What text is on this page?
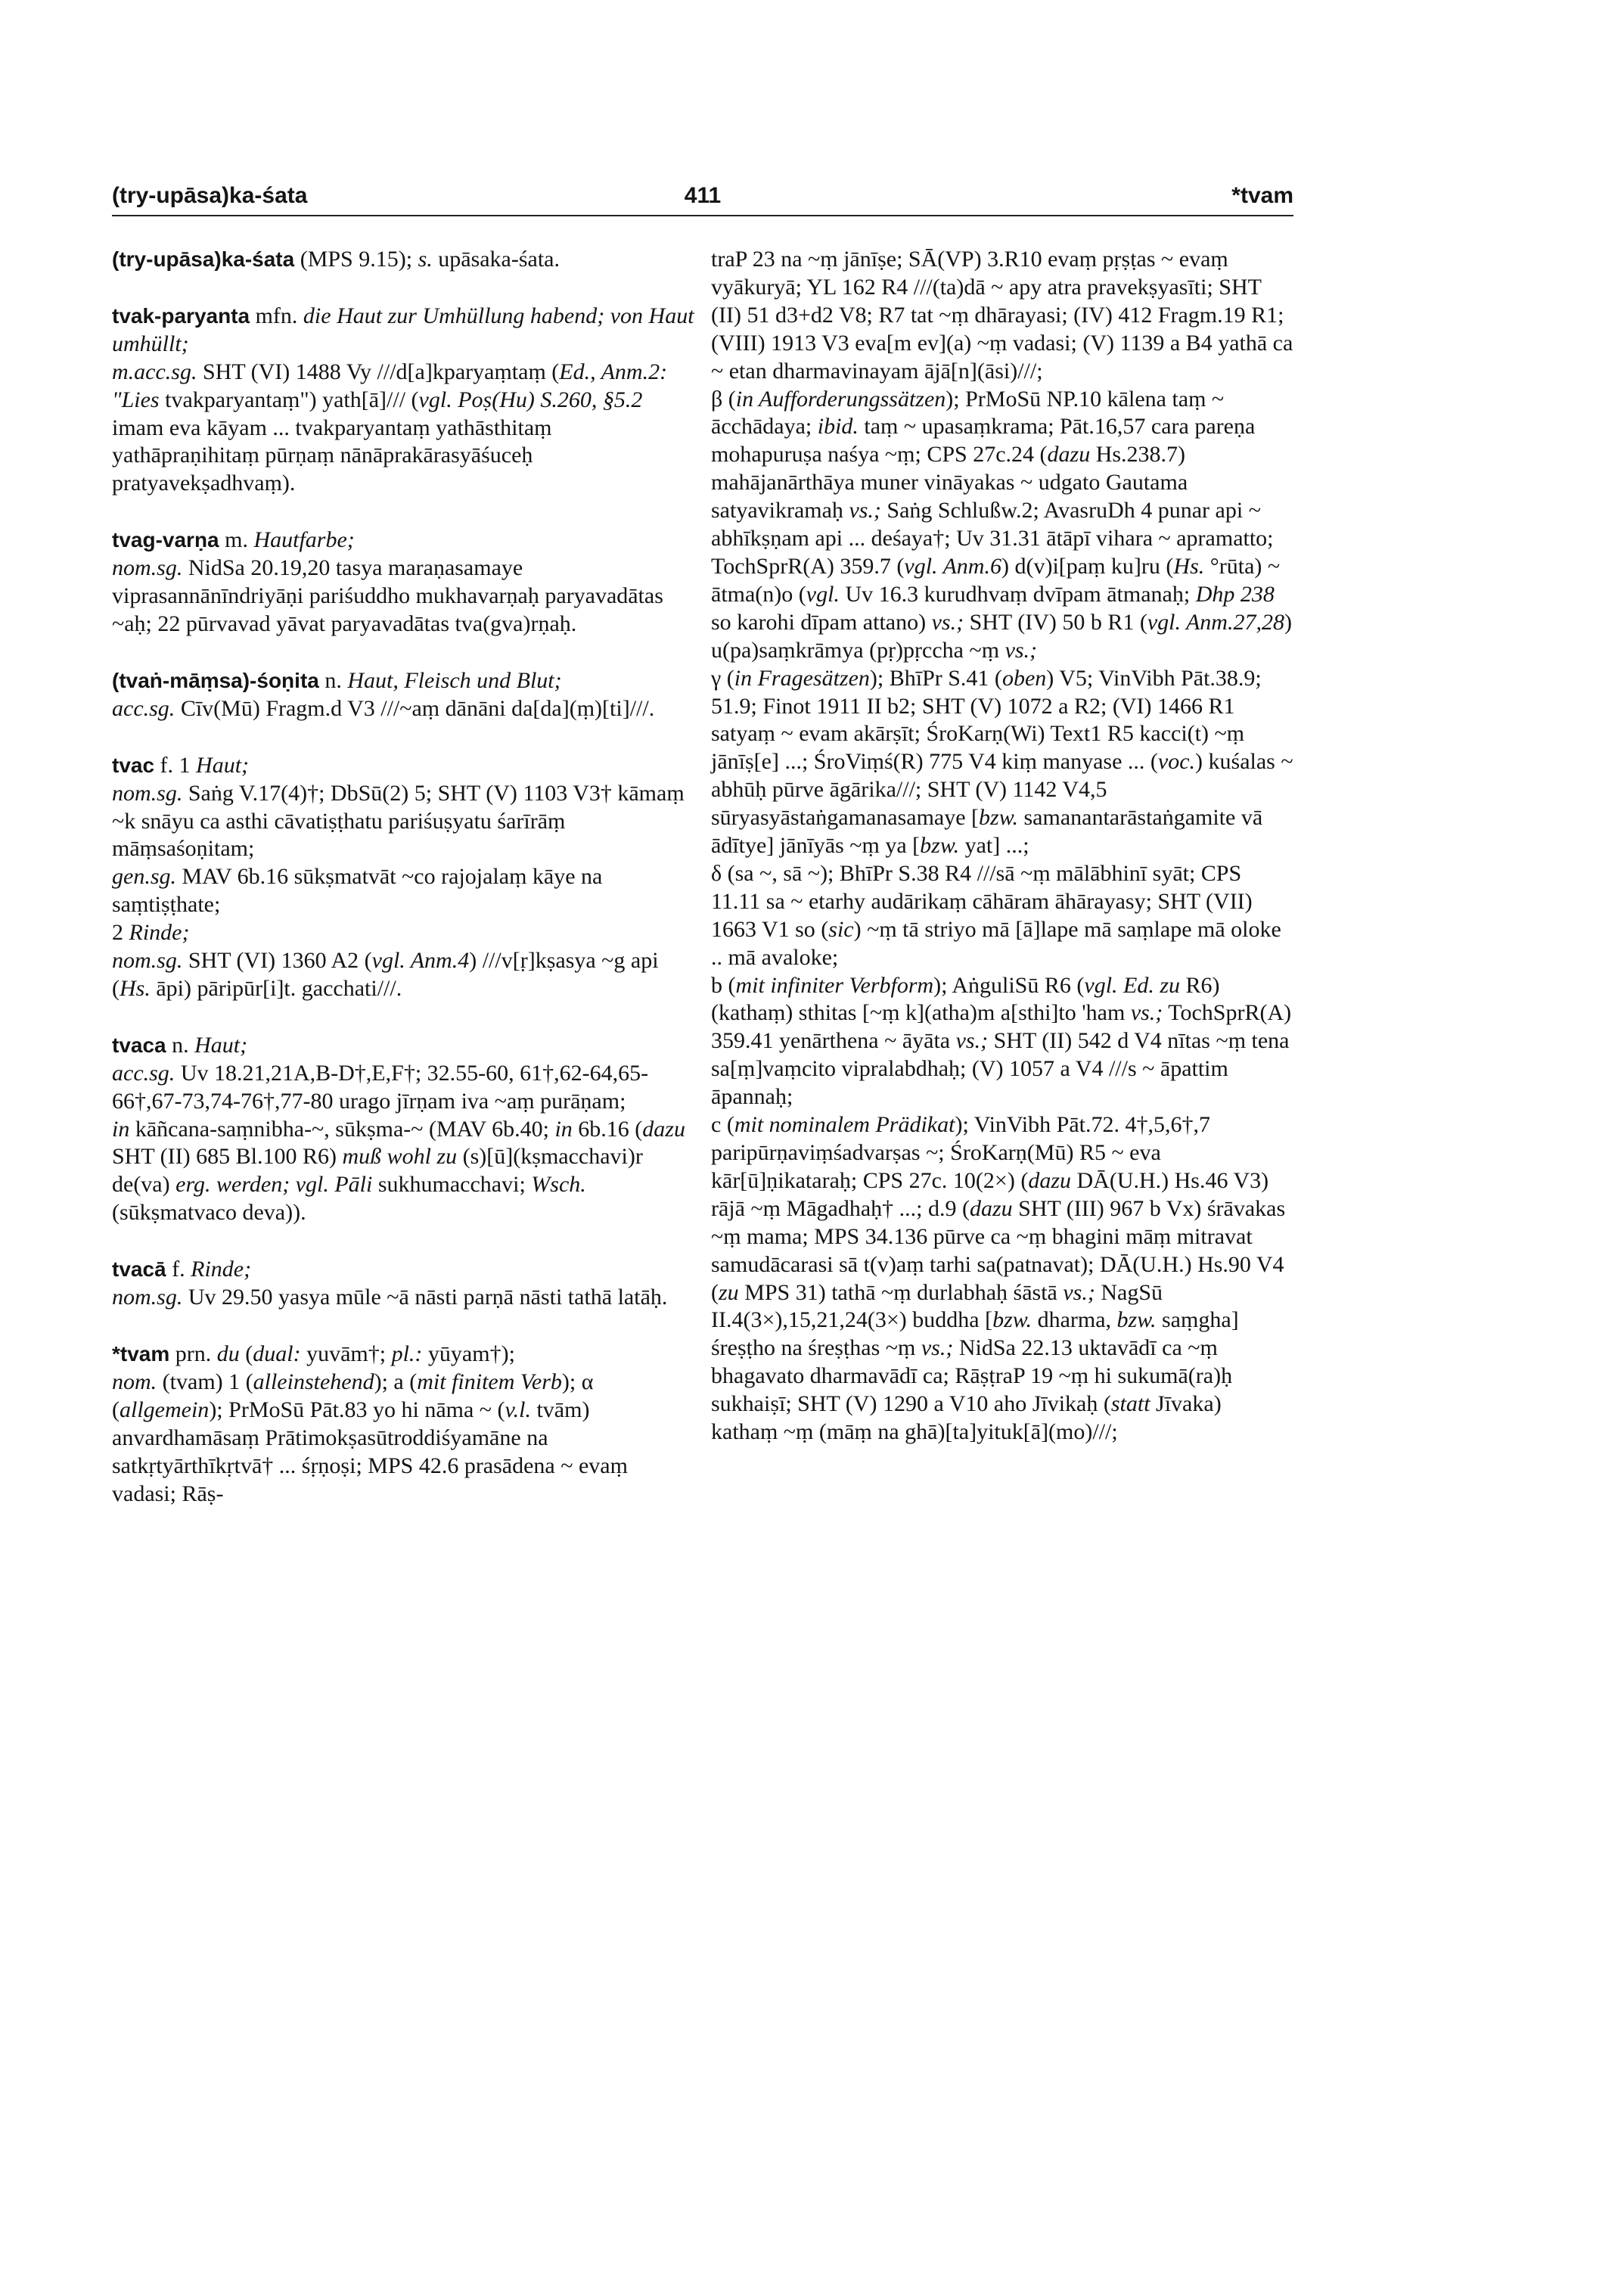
(try-upāsa)ka-śata	411	*tvam

(try-upāsa)ka-śata (MPS 9.15); s. upāsaka-śata.

tvak-paryanta mfn. die Haut zur Umhüllung habend; von Haut umhüllt;

m.acc.sg. SHT (VI) 1488 Vy ///d[a]kparyaṃtaṃ (Ed., Anm.2: "Lies tvakparyantaṃ") yath[ā]/// (vgl. Poṣ(Hu) S.260, §5.2 imam eva kāyam ... tvakparyantaṃ yathāsthitaṃ yathāpraṇihitaṃ pūrṇaṃ nānāprakārasyāśuceḥ pratyavekṣadhvaṃ).

tvag-varṇa m. Hautfarbe;

nom.sg. NidSa 20.19,20 tasya maraṇasamaye viprasannānīndriyāṇi pariśuddho mukhavarṇaḥ paryavadātas ~aḥ; 22 pūrvavad yāvat paryavadātas tva(gva)rṇaḥ.

(tvaṅ-māṃsa)-śoṇita n. Haut, Fleisch und Blut;

acc.sg. Cīv(Mū) Fragm.d V3 ///~aṃ dānāni da[da](ṃ)[ti]///.

tvac f. 1 Haut;

nom.sg. Saṅg V.17(4)†; DbSū(2) 5; SHT (V) 1103 V3† kāmaṃ ~k snāyu ca asthi cāvatiṣṭhatu pariśuṣyatu śarīrāṃ māṃsaśoṇitam;

gen.sg. MAV 6b.16 sūkṣmatvāt ~co rajojalaṃ kāye na saṃtiṣṭhate;

2 Rinde;

nom.sg. SHT (VI) 1360 A2 (vgl. Anm.4) ///v[ṛ]kṣasya ~g api (Hs. āpi) pāripūr[i]t. gacchati///.

tvaca n. Haut;

acc.sg. Uv 18.21,21A,B-D†,E,F†; 32.55-60, 61†,62-64,65-66†,67-73,74-76†,77-80 urago jīrṇam iva ~aṃ purāṇam;

in kāñcana-saṃnibha-~, sūkṣma-~ (MAV 6b.40; in 6b.16 (dazu SHT (II) 685 Bl.100 R6) muß wohl zu (s)[ū](kṣmacchavi)r de(va) erg. werden; vgl. Pāli sukhumacchavi; Wsch. (sūkṣmatvaco deva)).

tvacā f. Rinde;

nom.sg. Uv 29.50 yasya mūle ~ā nāsti parṇā nāsti tathā latāḥ.

*tvam prn. du (dual: yuvām†; pl.: yūyam†);

nom. (tvam) 1 (alleinstehend); a (mit finitem Verb); α (allgemein); PrMoSū Pāt.83 yo hi nāma ~ (v.l. tvām) anvardhamāsaṃ Prātimokṣasūtroddiśyamāne na satkṛtyārthīkṛtvā† ... śṛṇoṣi; MPS 42.6 prasādena ~ evaṃ vadasi; Rāṣ-

traP 23 na ~ṃ jānīṣe; SĀ(VP) 3.R10 evaṃ pṛṣṭas ~ evaṃ vyākuryā; YL 162 R4 ///(ta)dā ~ apy atra pravekṣyasīti; SHT (II) 51 d3+d2 V8; R7 tat ~ṃ dhārayasi; (IV) 412 Fragm.19 R1; (VIII) 1913 V3 eva[m ev](a) ~ṃ vadasi; (V) 1139 a B4 yathā ca ~ etan dharmavinayam ājā[n](āsi)///;

β (in Aufforderungssätzen); PrMoSū NP.10 kālena taṃ ~ ācchādaya; ibid. taṃ ~ upasaṃkrama; Pāt.16,57 cara pareṇa mohapuruṣa naśya ~ṃ; CPS 27c.24 (dazu Hs.238.7) mahājanārthāya muner vināyakas ~ udgato Gautama satyavikramaḥ vs.; Saṅg Schlußw.2; AvasruDh 4 punar api ~ abhīkṣṇam api ... deśaya†; Uv 31.31 ātāpī vihara ~ apramatto; TochSprR(A) 359.7 (vgl. Anm.6) d(v)i[paṃ ku]ru (Hs. °rūta) ~ ātma(n)o (vgl. Uv 16.3 kurudhvaṃ dvīpam ātmanaḥ; Dhp 238 so karohi dīpam attano) vs.; SHT (IV) 50 b R1 (vgl. Anm.27,28) u(pa)saṃkrāmya (pṛ)pṛccha ~ṃ vs.;

γ (in Fragesätzen); BhīPr S.41 (oben) V5; VinVibh Pāt.38.9; 51.9; Finot 1911 II b2; SHT (V) 1072 a R2; (VI) 1466 R1 satyaṃ ~ evam akārṣīt; ŚroKarṇ(Wi) Text1 R5 kacci(t) ~ṃ jānīṣ[e] ...; ŚroViṃś(R) 775 V4 kiṃ manyase ... (voc.) kuśalas ~ abhūḥ pūrve āgārika///; SHT (V) 1142 V4,5 sūryasyāstaṅgamanasamaye [bzw. samanantarāstaṅgamite vā ādītye] jānīyās ~ṃ ya [bzw. yat] ...;

δ (sa ~, sā ~); BhīPr S.38 R4 ///sā ~ṃ mālābhinī syāt; CPS 11.11 sa ~ etarhy audārikaṃ cāhāram āhārayasy; SHT (VII) 1663 V1 so (sic) ~ṃ tā striyo mā [ā]lape mā saṃlape mā oloke .. mā avaloke;

b (mit infiniter Verbform); AṅguliSū R6 (vgl. Ed. zu R6) (kathaṃ) sthitas [~ṃ k](atha)m a[sthi]to 'ham vs.; TochSprR(A) 359.41 yenārthena ~ āyāta vs.; SHT (II) 542 d V4 nītas ~ṃ tena sa[ṃ]vaṃcito vipralabdhaḥ; (V) 1057 a V4 ///s ~ āpattim āpannaḥ;

c (mit nominalem Prädikat); VinVibh Pāt.72. 4†,5,6†,7 paripūrṇaviṃśadvarṣas ~; ŚroKarṇ(Mū) R5 ~ eva kār[ū]ṇikataraḥ; CPS 27c. 10(2×) (dazu DĀ(U.H.) Hs.46 V3) rājā ~ṃ Māgadhaḥ† ...; d.9 (dazu SHT (III) 967 b Vx) śrāvakas ~ṃ mama; MPS 34.136 pūrve ca ~ṃ bhagini māṃ mitravat samudācarasi sā t(v)aṃ tarhi sa(patnavat); DĀ(U.H.) Hs.90 V4 (zu MPS 31) tathā ~ṃ durlabhaḥ śāstā vs.; NagSū II.4(3×),15,21,24(3×) buddha [bzw. dharma, bzw. saṃgha] śreṣṭho na śreṣṭhas ~ṃ vs.; NidSa 22.13 uktavādī ca ~ṃ bhagavato dharmavādī ca; RāṣṭraP 19 ~ṃ hi sukumā(ra)ḥ sukhaiṣī; SHT (V) 1290 a V10 aho Jīvikaḥ (statt Jīvaka) kathaṃ ~ṃ (māṃ na ghā)[ta]yituk[ā](mo)///;
